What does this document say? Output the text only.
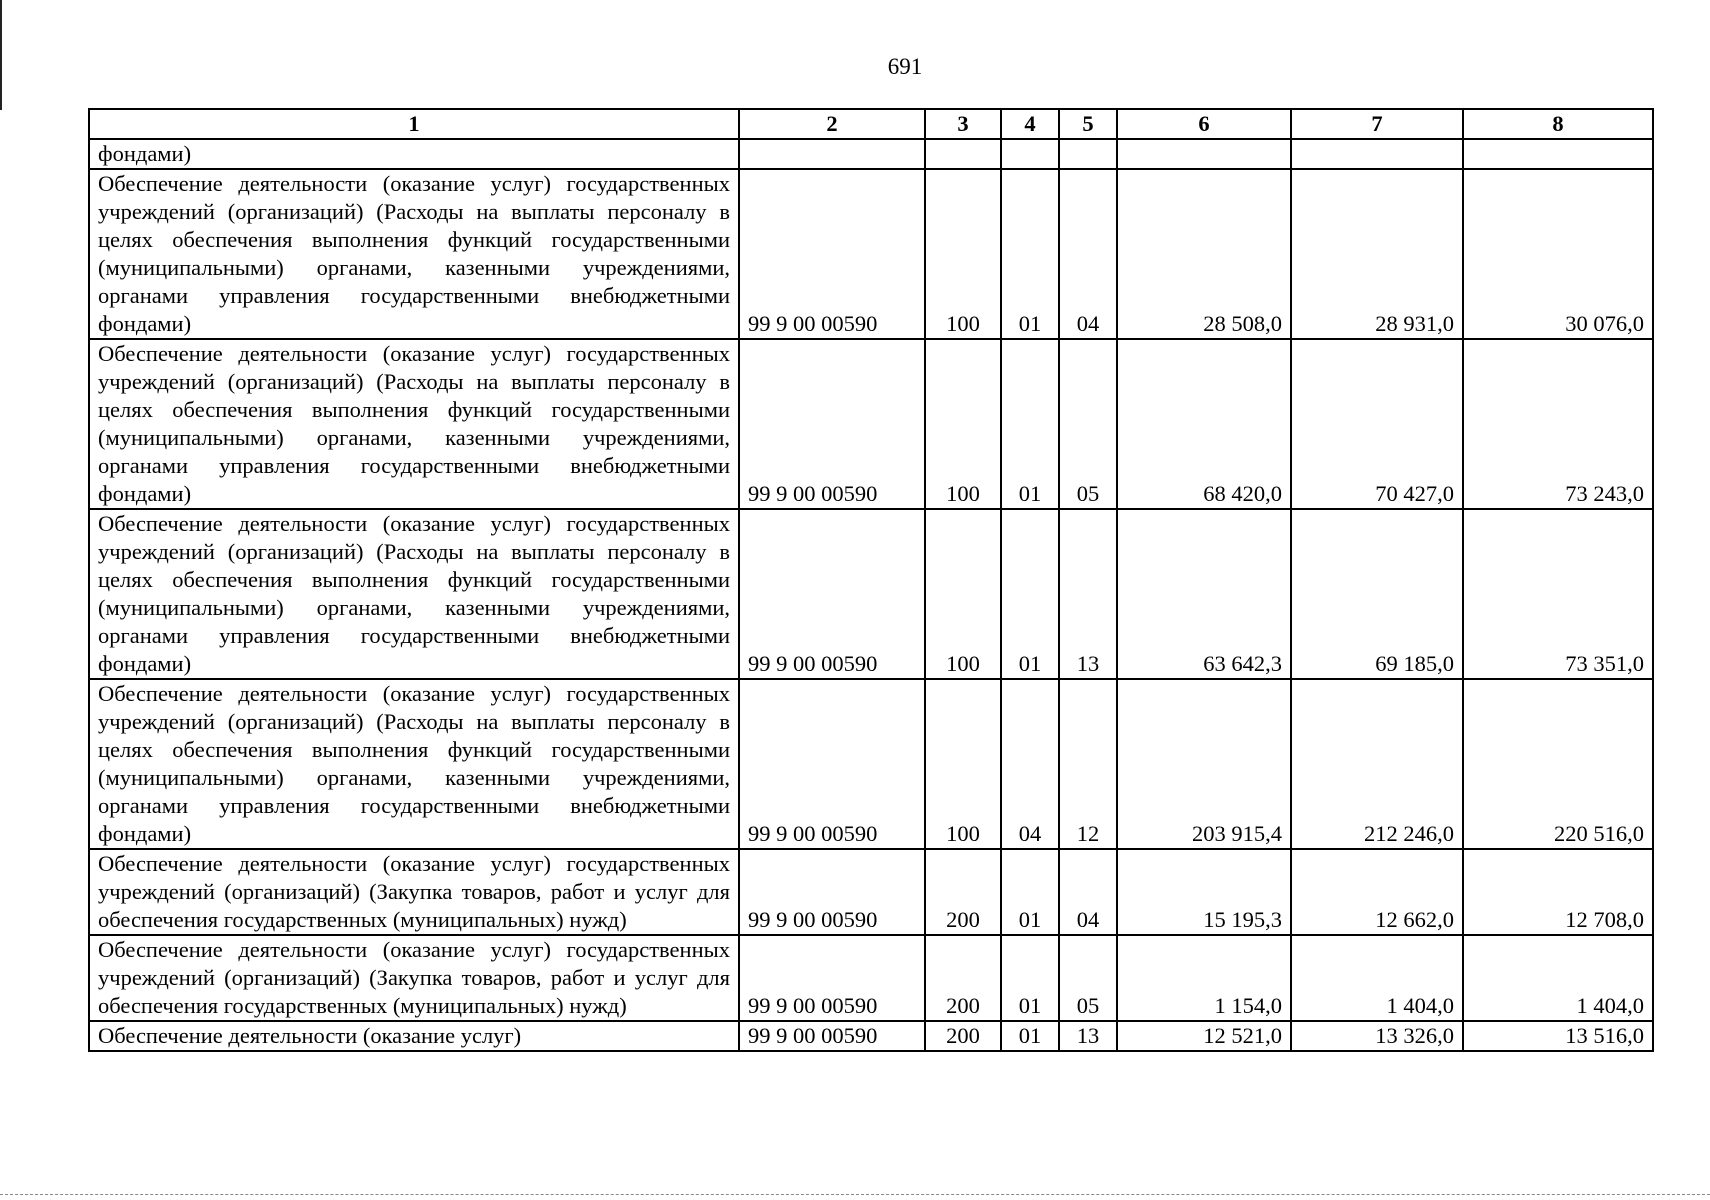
691
1	2	3	4	5	6	7	8
фондами)							
Обеспечение деятельности (оказание услуг) государственных учреждений (организаций) (Расходы на выплаты персоналу в целях обеспечения выполнения функций государственными (муниципальными) органами, казенными учреждениями, органами управления государственными внебюджетными фондами)	99 9 00 00590	100	01	04	28 508,0	28 931,0	30 076,0
Обеспечение деятельности (оказание услуг) государственных учреждений (организаций) (Расходы на выплаты персоналу в целях обеспечения выполнения функций государственными (муниципальными) органами, казенными учреждениями, органами управления государственными внебюджетными фондами)	99 9 00 00590	100	01	05	68 420,0	70 427,0	73 243,0
Обеспечение деятельности (оказание услуг) государственных учреждений (организаций) (Расходы на выплаты персоналу в целях обеспечения выполнения функций государственными (муниципальными) органами, казенными учреждениями, органами управления государственными внебюджетными фондами)	99 9 00 00590	100	01	13	63 642,3	69 185,0	73 351,0
Обеспечение деятельности (оказание услуг) государственных учреждений (организаций) (Расходы на выплаты персоналу в целях обеспечения выполнения функций государственными (муниципальными) органами, казенными учреждениями, органами управления государственными внебюджетными фондами)	99 9 00 00590	100	04	12	203 915,4	212 246,0	220 516,0
Обеспечение деятельности (оказание услуг) государственных учреждений (организаций) (Закупка товаров, работ и услуг для обеспечения государственных (муниципальных) нужд)	99 9 00 00590	200	01	04	15 195,3	12 662,0	12 708,0
Обеспечение деятельности (оказание услуг) государственных учреждений (организаций) (Закупка товаров, работ и услуг для обеспечения государственных (муниципальных) нужд)	99 9 00 00590	200	01	05	1 154,0	1 404,0	1 404,0
Обеспечение деятельности (оказание услуг)	99 9 00 00590	200	01	13	12 521,0	13 326,0	13 516,0
